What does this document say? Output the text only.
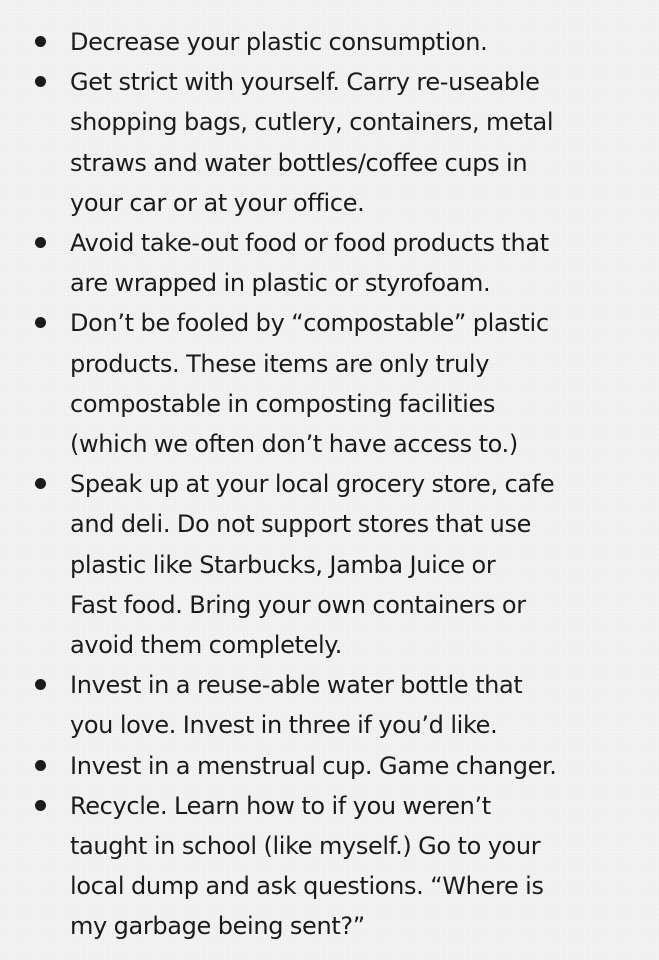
Decrease your plastic consumption.
Get strict with yourself. Carry re-useable
shopping bags, cutlery, containers, metal
straws and water bottles/coffee cups in
your car or at your office.
Avoid take-out food or food products that
are wrapped in plastic or styrofoam.
Don’t be fooled by “compostable” plastic
products. These items are only truly
compostable in composting facilities
(which we often don’t have access to.)
Speak up at your local grocery store, cafe
and deli. Do not support stores that use
plastic like Starbucks, Jamba Juice or
Fast food. Bring your own containers or
avoid them completely.
Invest in a reuse-able water bottle that
you love. Invest in three if you’d like.
Invest in a menstrual cup. Game changer.
Recycle. Learn how to if you weren’t
taught in school (like myself.) Go to your
local dump and ask questions. “Where is
my garbage being sent?”
